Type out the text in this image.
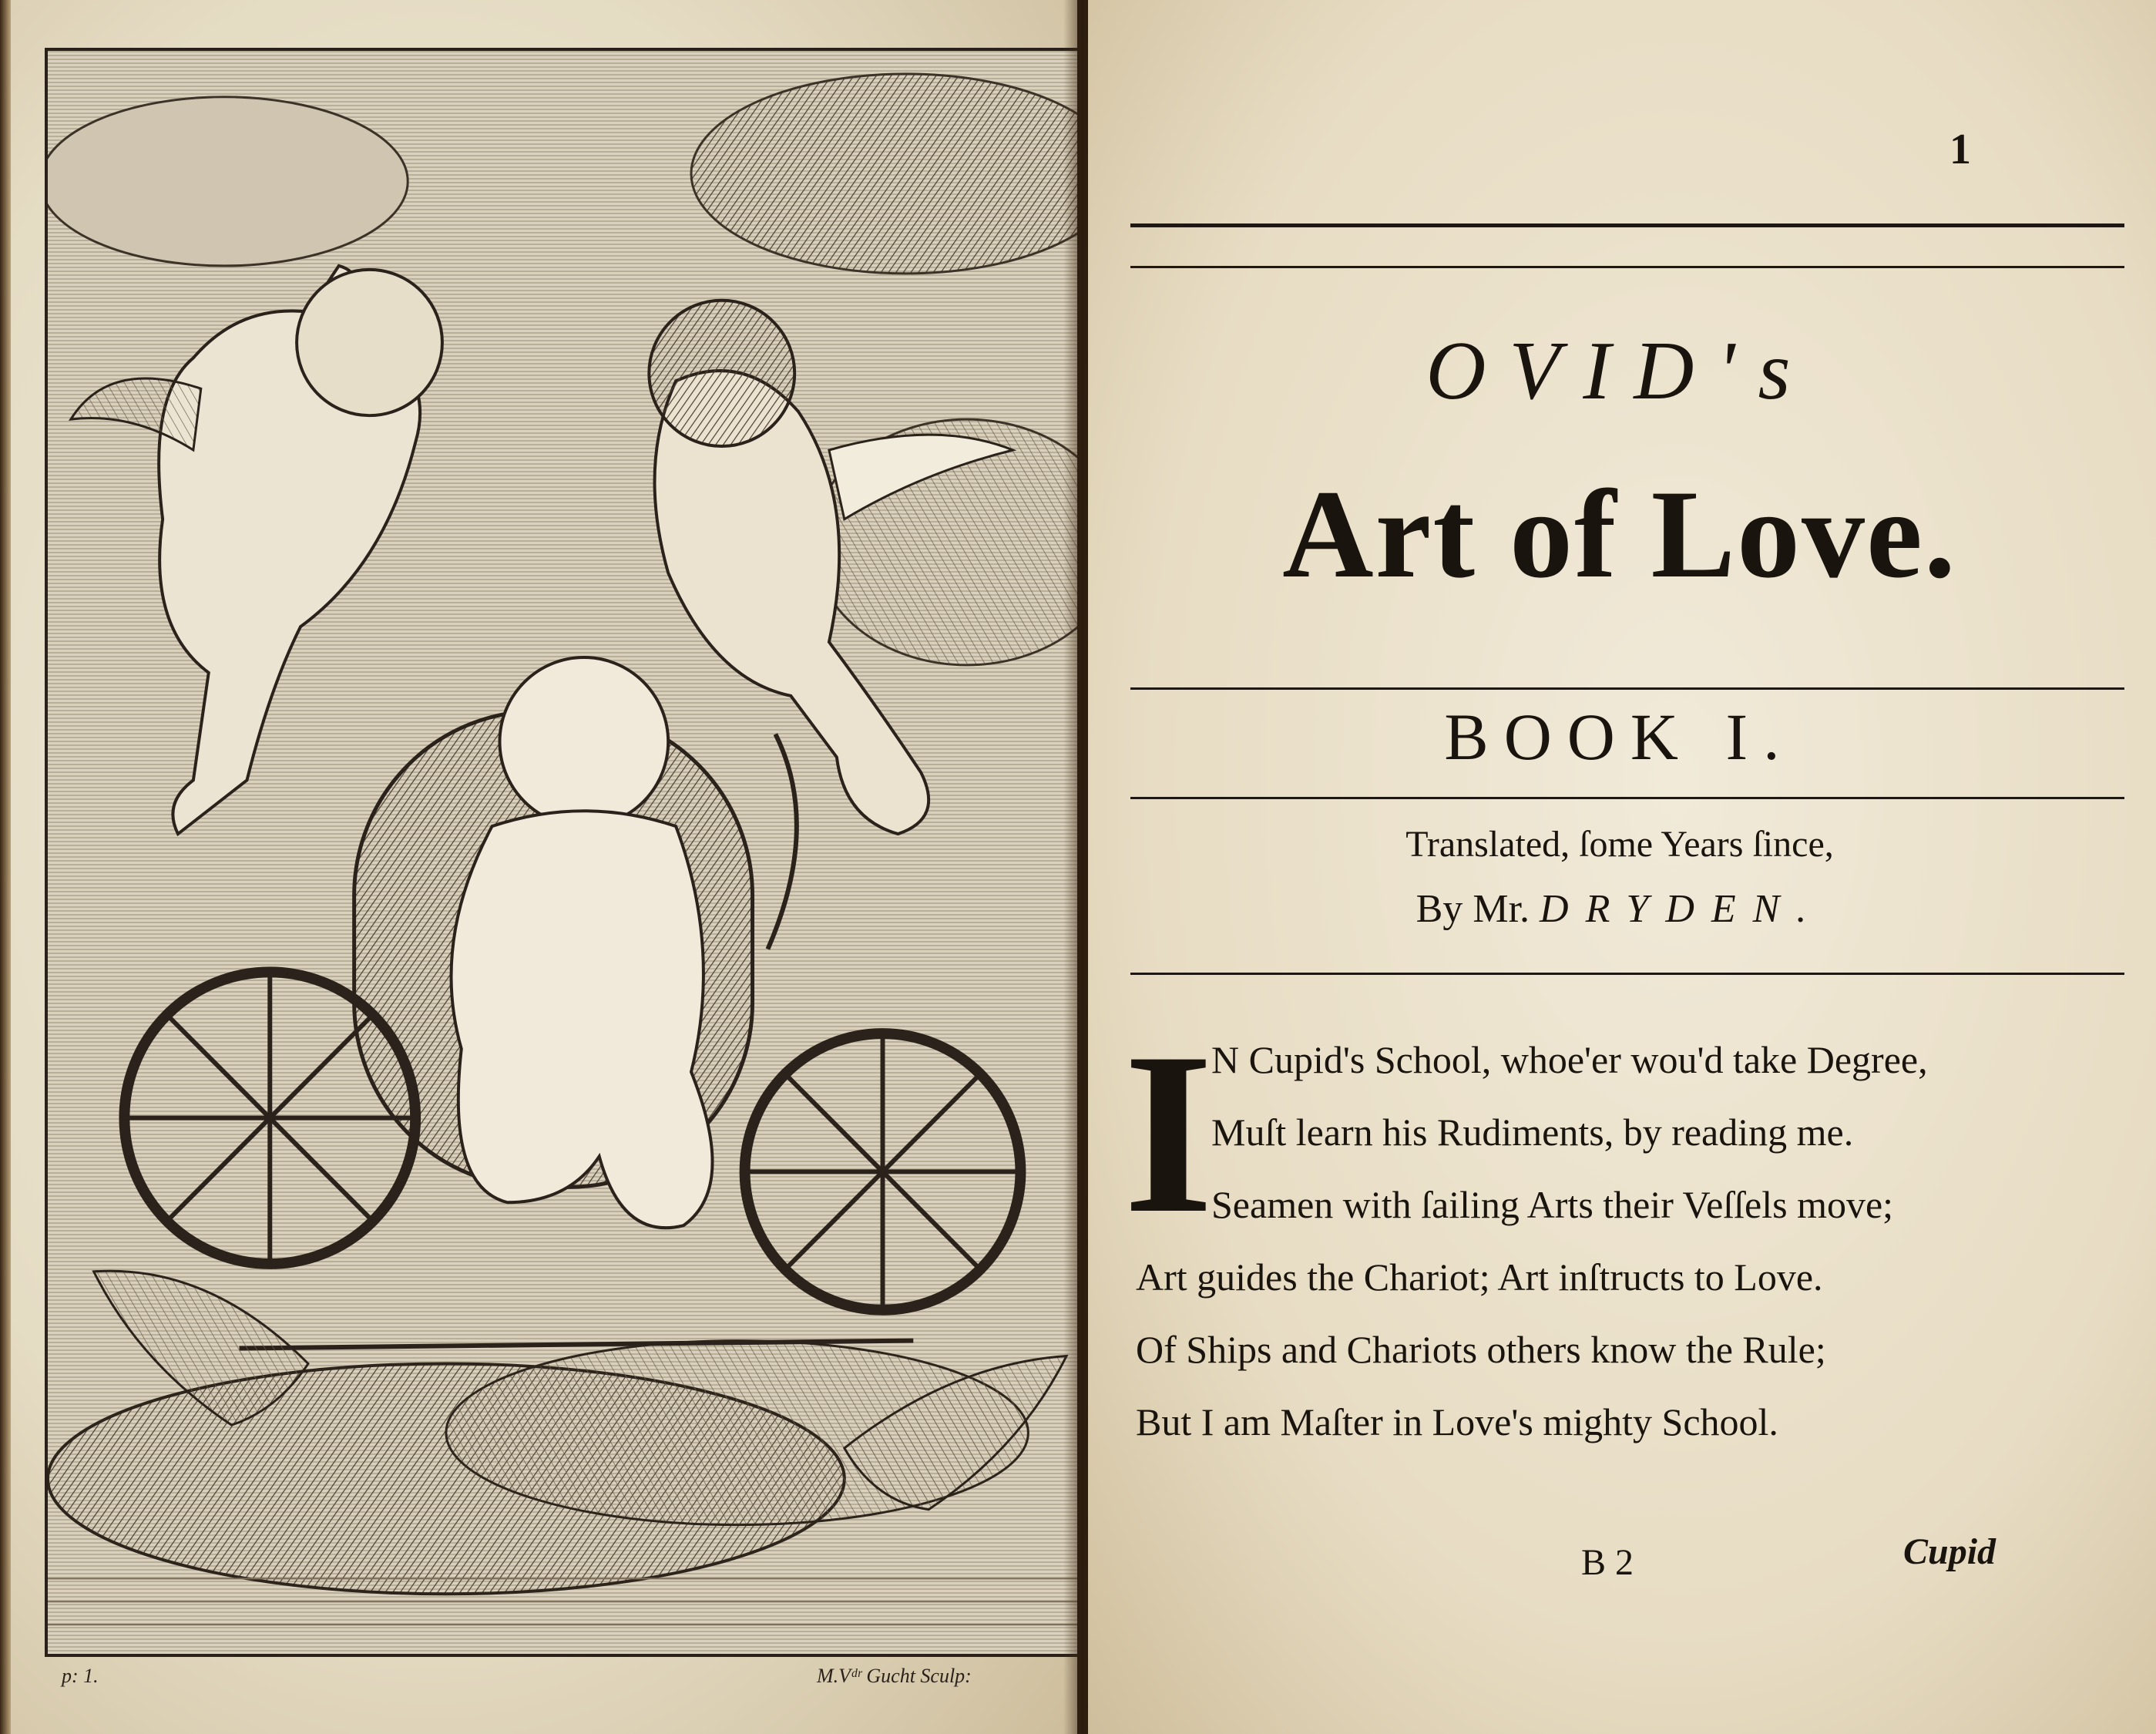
p: 1.	M.Vᵈʳ Gucht Sculp:
1
OVID's
Art of Love.
BOOK I.
Translated, ſome Years ſince,
By Mr. DRYDEN.
I
N Cupid's School, whoe'er wou'd take Degree,
Muſt learn his Rudiments, by reading me.
Seamen with ſailing Arts their Veſſels move;
Art guides the Chariot; Art inſtructs to Love.
Of Ships and Chariots others know the Rule;
But I am Maſter in Love's mighty School.
B 2	Cupid
